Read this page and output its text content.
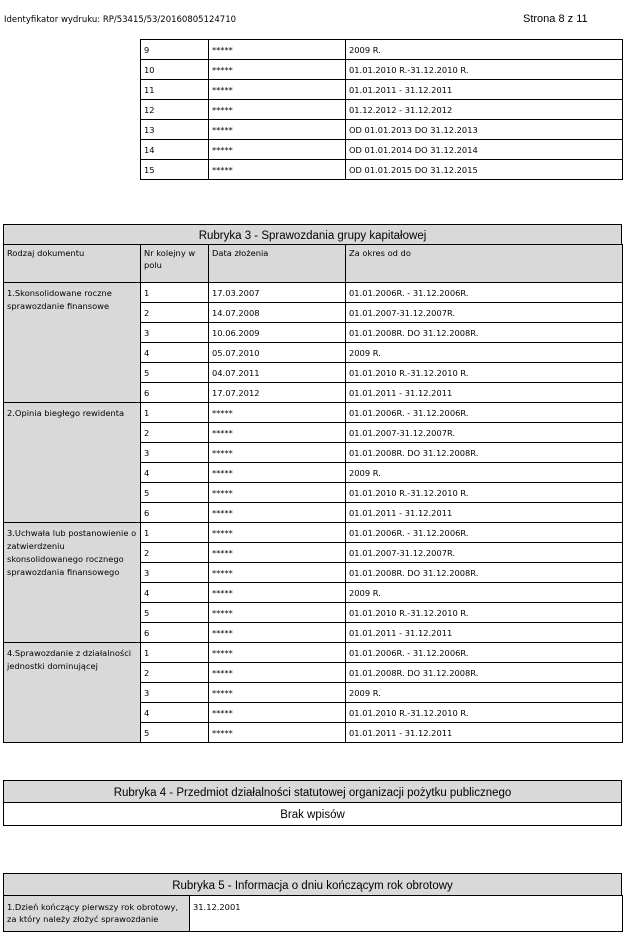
Identyfikator wydruku: RP/53415/53/20160805124710	Strona 8 z 11
9	*****	2009 R.
10	*****	01.01.2010 R.-31.12.2010 R.
11	*****	01.01.2011 - 31.12.2011
12	*****	01.12.2012 - 31.12.2012
13	*****	OD 01.01.2013 DO 31.12.2013
14	*****	OD 01.01.2014 DO 31.12.2014
15	*****	OD 01.01.2015 DO 31.12.2015
Rubryka 3 - Sprawozdania grupy kapitałowej
Rodzaj dokumentu	Nr kolejny w polu	Data złożenia	Za okres od do
1.Skonsolidowane roczne sprawozdanie finansowe	1	17.03.2007	01.01.2006R. - 31.12.2006R.
	2	14.07.2008	01.01.2007-31.12.2007R.
	3	10.06.2009	01.01.2008R. DO 31.12.2008R.
	4	05.07.2010	2009 R.
	5	04.07.2011	01.01.2010 R.-31.12.2010 R.
	6	17.07.2012	01.01.2011 - 31.12.2011
2.Opinia biegłego rewidenta	1	*****	01.01.2006R. - 31.12.2006R.
	2	*****	01.01.2007-31.12.2007R.
	3	*****	01.01.2008R. DO 31.12.2008R.
	4	*****	2009 R.
	5	*****	01.01.2010 R.-31.12.2010 R.
	6	*****	01.01.2011 - 31.12.2011
3.Uchwała lub postanowienie o zatwierdzeniu skonsolidowanego rocznego sprawozdania finansowego	1	*****	01.01.2006R. - 31.12.2006R.
	2	*****	01.01.2007-31.12.2007R.
	3	*****	01.01.2008R. DO 31.12.2008R.
	4	*****	2009 R.
	5	*****	01.01.2010 R.-31.12.2010 R.
	6	*****	01.01.2011 - 31.12.2011
4.Sprawozdanie z działalności jednostki dominującej	1	*****	01.01.2006R. - 31.12.2006R.
	2	*****	01.01.2008R. DO 31.12.2008R.
	3	*****	2009 R.
	4	*****	01.01.2010 R.-31.12.2010 R.
	5	*****	01.01.2011 - 31.12.2011
Rubryka 4 - Przedmiot działalności statutowej organizacji pożytku publicznego
Brak wpisów
Rubryka 5 - Informacja o dniu kończącym rok obrotowy
1.Dzień kończący pierwszy rok obrotowy, za który należy złożyć sprawozdanie	31.12.2001
